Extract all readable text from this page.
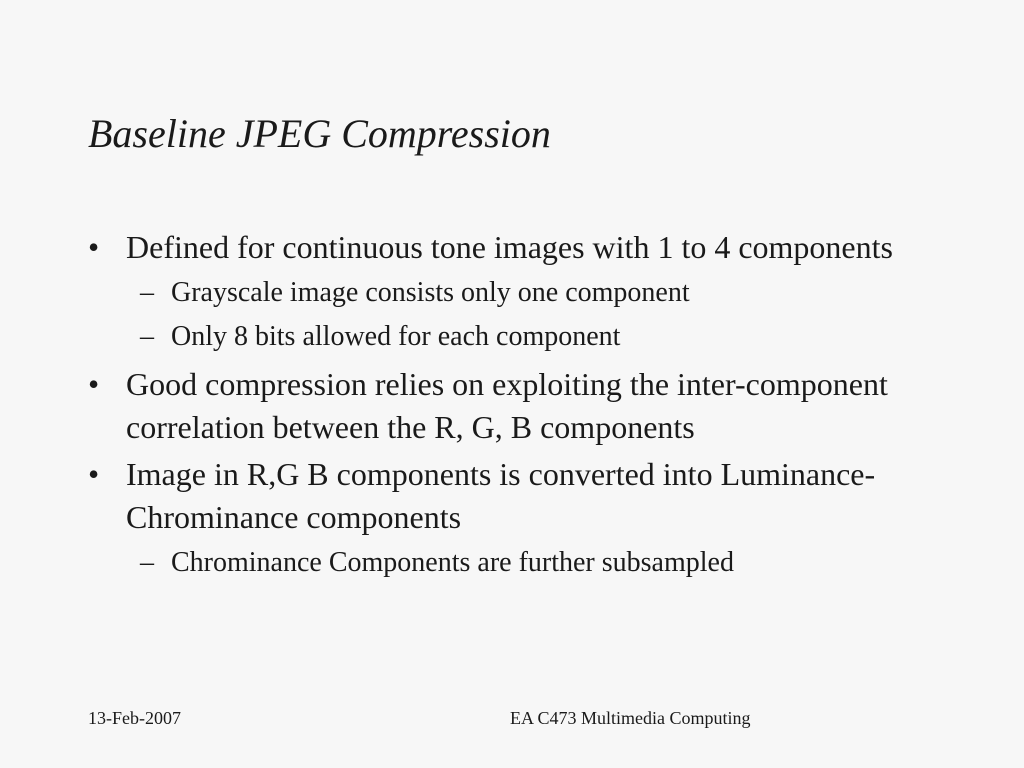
Baseline JPEG Compression
• Defined for continuous tone images with 1 to 4 components
– Grayscale image consists only one component
– Only 8 bits allowed for each component
• Good compression relies on exploiting the inter-component correlation between the R, G, B components
• Image in R,G B components is converted into Luminance-Chrominance components
– Chrominance Components are further subsampled
13-Feb-2007	EA C473 Multimedia Computing
